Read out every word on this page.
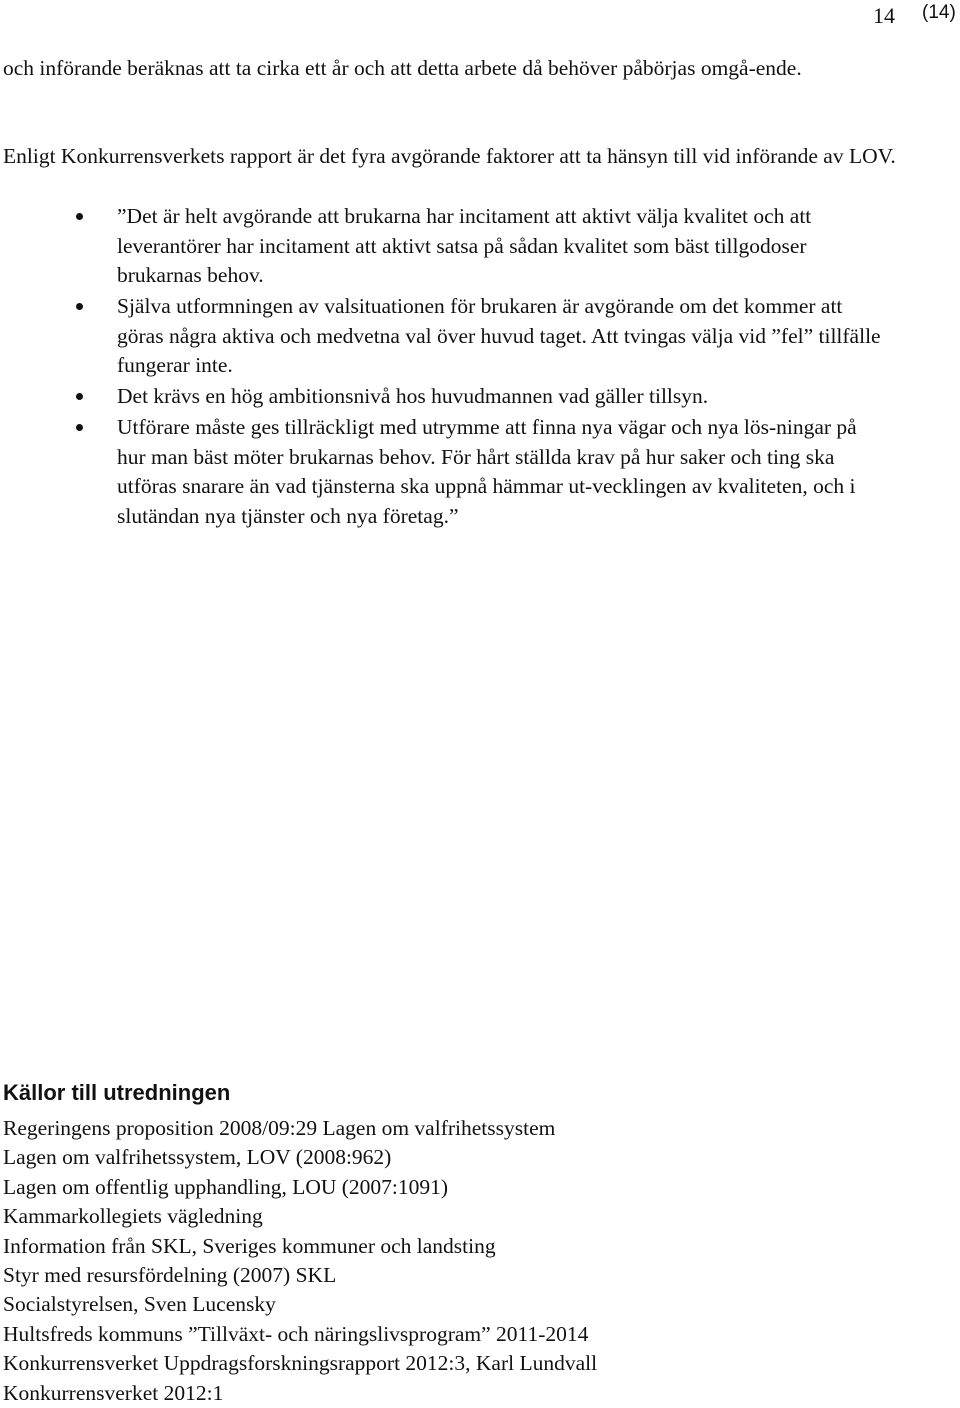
14 (14)

och införande beräknas att ta cirka ett år och att detta arbete då behöver påbörjas omgå-ende.

Enligt Konkurrensverkets rapport är det fyra avgörande faktorer att ta hänsyn till vid införande av LOV.

”Det är helt avgörande att brukarna har incitament att aktivt välja kvalitet och att leverantörer har incitament att aktivt satsa på sådan kvalitet som bäst tillgodoser brukarnas behov.
Själva utformningen av valsituationen för brukaren är avgörande om det kommer att göras några aktiva och medvetna val över huvud taget. Att tvingas välja vid ”fel” tillfälle fungerar inte.
Det krävs en hög ambitionsnivå hos huvudmannen vad gäller tillsyn.
Utförare måste ges tillräckligt med utrymme att finna nya vägar och nya lös-ningar på hur man bäst möter brukarnas behov. För hårt ställda krav på hur saker och ting ska utföras snarare än vad tjänsterna ska uppnå hämmar ut-vecklingen av kvaliteten, och i slutändan nya tjänster och nya företag.”
Källor till utredningen
Regeringens proposition 2008/09:29 Lagen om valfrihetssystem
Lagen om valfrihetssystem, LOV (2008:962)
Lagen om offentlig upphandling, LOU (2007:1091)
Kammarkollegiets vägledning
Information från SKL, Sveriges kommuner och landsting
Styr med resursfördelning (2007) SKL
Socialstyrelsen, Sven Lucensky
Hultsfreds kommuns ”Tillväxt- och näringslivsprogram” 2011-2014
Konkurrensverket Uppdragsforskningsrapport 2012:3, Karl Lundvall
Konkurrensverket 2012:1
